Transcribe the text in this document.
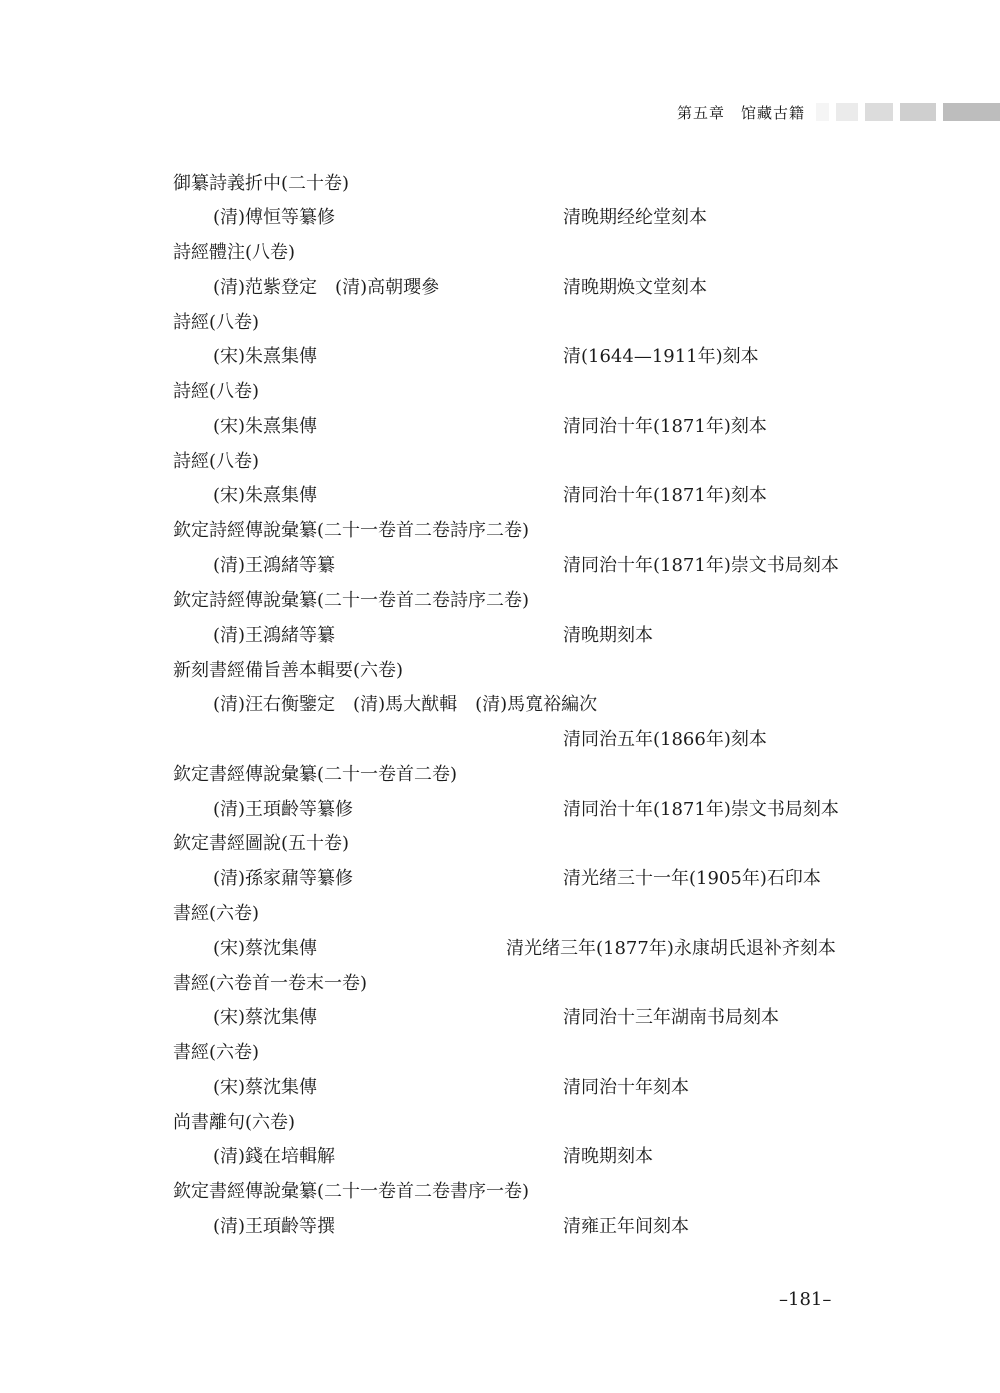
第五章　馆藏古籍
御纂詩義折中(二十卷)
(清)傅恒等纂修	清晚期经纶堂刻本
詩經體注(八卷)
(清)范紫登定　(清)高朝瓔參	清晚期焕文堂刻本
詩經(八卷)
(宋)朱熹集傳	清(1644—1911年)刻本
詩經(八卷)
(宋)朱熹集傳	清同治十年(1871年)刻本
詩經(八卷)
(宋)朱熹集傳	清同治十年(1871年)刻本
欽定詩經傳說彙纂(二十一卷首二卷詩序二卷)
(清)王鴻緒等纂	清同治十年(1871年)崇文书局刻本
欽定詩經傳說彙纂(二十一卷首二卷詩序二卷)
(清)王鴻緒等纂	清晚期刻本
新刻書經備旨善本輯要(六卷)
(清)汪右衡鑒定　(清)馬大猷輯　(清)馬寬裕編次
清同治五年(1866年)刻本
欽定書經傳說彙纂(二十一卷首二卷)
(清)王頊齡等纂修	清同治十年(1871年)崇文书局刻本
欽定書經圖說(五十卷)
(清)孫家鼐等纂修	清光绪三十一年(1905年)石印本
書經(六卷)
(宋)蔡沈集傳	清光绪三年(1877年)永康胡氏退补齐刻本
書經(六卷首一卷末一卷)
(宋)蔡沈集傳	清同治十三年湖南书局刻本
書經(六卷)
(宋)蔡沈集傳	清同治十年刻本
尚書離句(六卷)
(清)錢在培輯解	清晚期刻本
欽定書經傳說彙纂(二十一卷首二卷書序一卷)
(清)王頊齡等撰	清雍正年间刻本
–181–
